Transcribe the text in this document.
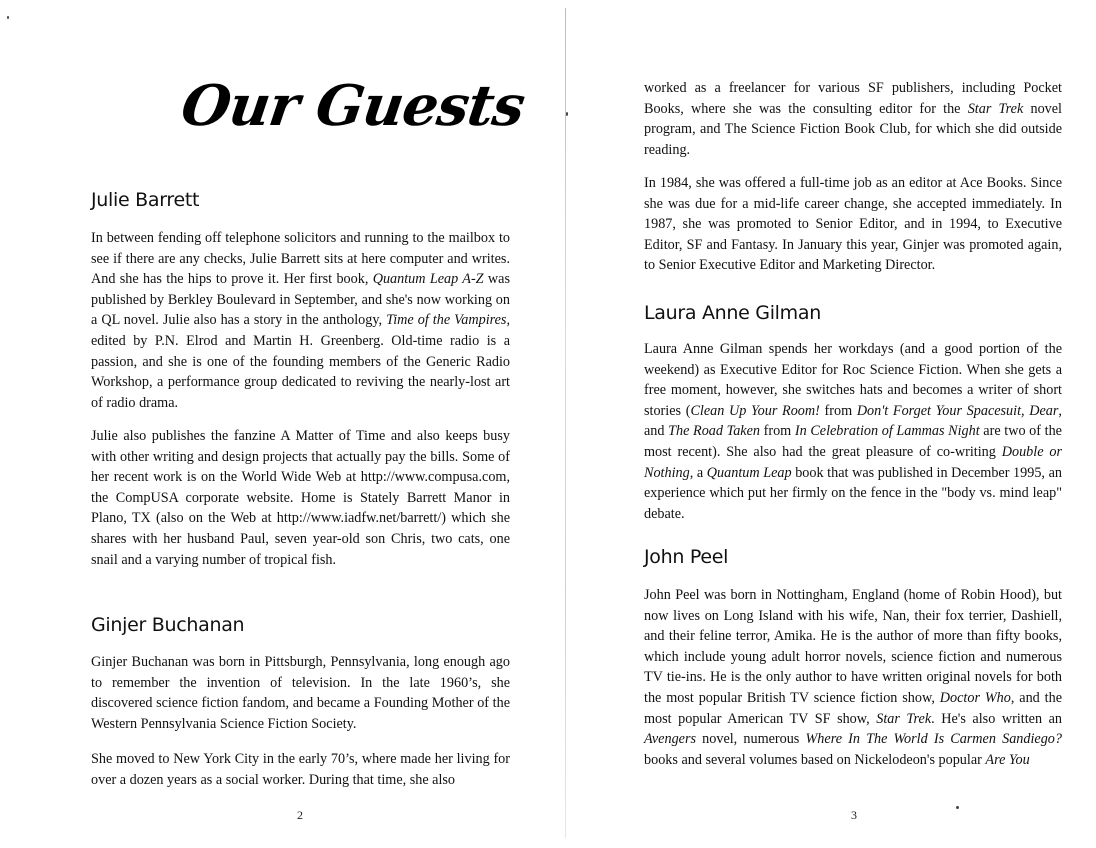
Our Guests
Julie Barrett

In between fending off telephone solicitors and running to the mailbox to see if there are any checks, Julie Barrett sits at here computer and writes. And she has the hips to prove it. Her first book, Quantum Leap A-Z was published by Berkley Boulevard in September, and she's now working on a QL novel. Julie also has a story in the anthology, Time of the Vampires, edited by P.N. Elrod and Martin H. Greenberg. Old-time radio is a passion, and she is one of the founding members of the Generic Radio Workshop, a performance group dedicated to reviving the nearly-lost art of radio drama.

Julie also publishes the fanzine A Matter of Time and also keeps busy with other writing and design projects that actually pay the bills. Some of her recent work is on the World Wide Web at http://www.compusa.com, the CompUSA corporate website. Home is Stately Barrett Manor in Plano, TX (also on the Web at http://www.iadfw.net/barrett/) which she shares with her husband Paul, seven year-old son Chris, two cats, one snail and a varying number of tropical fish.

Ginjer Buchanan

Ginjer Buchanan was born in Pittsburgh, Pennsylvania, long enough ago to remember the invention of television. In the late 1960’s, she discovered science fiction fandom, and became a Founding Mother of the Western Pennsylvania Science Fiction Society.

She moved to New York City in the early 70’s, where made her living for over a dozen years as a social worker. During that time, she also

2

worked as a freelancer for various SF publishers, including Pocket Books, where she was the consulting editor for the Star Trek novel program, and The Science Fiction Book Club, for which she did outside reading.

In 1984, she was offered a full-time job as an editor at Ace Books. Since she was due for a mid-life career change, she accepted immediately. In 1987, she was promoted to Senior Editor, and in 1994, to Executive Editor, SF and Fantasy. In January this year, Ginjer was promoted again, to Senior Executive Editor and Marketing Director.

Laura Anne Gilman

Laura Anne Gilman spends her workdays (and a good portion of the weekend) as Executive Editor for Roc Science Fiction. When she gets a free moment, however, she switches hats and becomes a writer of short stories (Clean Up Your Room! from Don't Forget Your Spacesuit, Dear, and The Road Taken from In Celebration of Lammas Night are two of the most recent). She also had the great pleasure of co-writing Double or Nothing, a Quantum Leap book that was published in December 1995, an experience which put her firmly on the fence in the "body vs. mind leap" debate.

John Peel

John Peel was born in Nottingham, England (home of Robin Hood), but now lives on Long Island with his wife, Nan, their fox terrier, Dashiell, and their feline terror, Amika. He is the author of more than fifty books, which include young adult horror novels, science fiction and numerous TV tie-ins. He is the only author to have written original novels for both the most popular British TV science fiction show, Doctor Who, and the most popular American TV SF show, Star Trek. He's also written an Avengers novel, numerous Where In The World Is Carmen Sandiego? books and several volumes based on Nickelodeon's popular Are You

3
